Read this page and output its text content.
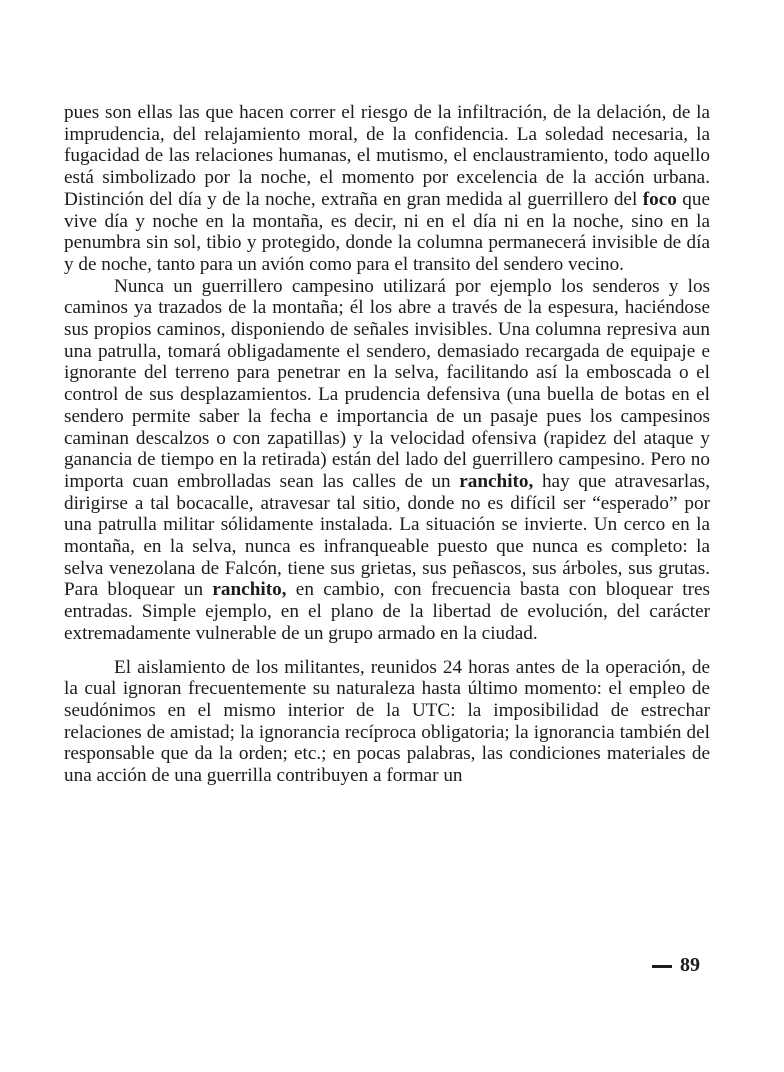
pues son ellas las que hacen correr el riesgo de la infiltración, de la delación, de la imprudencia, del relajamiento moral, de la confidencia. La soledad necesaria, la fugacidad de las relaciones humanas, el mutismo, el enclaustramiento, todo aquello está simbolizado por la noche, el momento por excelencia de la acción urbana. Distinción del día y de la noche, extraña en gran medida al guerrillero del foco que vive día y noche en la montaña, es decir, ni en el día ni en la noche, sino en la penumbra sin sol, tibio y protegido, donde la columna permanecerá invisible de día y de noche, tanto para un avión como para el transito del sendero vecino.

Nunca un guerrillero campesino utilizará por ejemplo los senderos y los caminos ya trazados de la montaña; él los abre a través de la espesura, haciéndose sus propios caminos, disponiendo de señales invisibles. Una columna represiva aun una patrulla, tomará obligadamente el sendero, demasiado recargada de equipaje e ignorante del terreno para penetrar en la selva, facilitando así la emboscada o el control de sus desplazamientos. La prudencia defensiva (una buella de botas en el sendero permite saber la fecha e importancia de un pasaje pues los campesinos caminan descalzos o con zapatillas) y la velocidad ofensiva (rapidez del ataque y ganancia de tiempo en la retirada) están del lado del guerrillero campesino. Pero no importa cuan embrolladas sean las calles de un ranchito, hay que atravesarlas, dirigirse a tal bocacalle, atravesar tal sitio, donde no es difícil ser “esperado” por una patrulla militar sólidamente instalada. La situación se invierte. Un cerco en la montaña, en la selva, nunca es infranqueable puesto que nunca es completo: la selva venezolana de Falcón, tiene sus grietas, sus peñascos, sus árboles, sus grutas. Para bloquear un ranchito, en cambio, con frecuencia basta con bloquear tres entradas. Simple ejemplo, en el plano de la libertad de evolución, del carácter extremadamente vulnerable de un grupo armado en la ciudad.

El aislamiento de los militantes, reunidos 24 horas antes de la operación, de la cual ignoran frecuentemente su naturaleza hasta último momento: el empleo de seudónimos en el mismo interior de la UTC: la imposibilidad de estrechar relaciones de amistad; la ignorancia recíproca obligatoria; la ignorancia también del responsable que da la orden; etc.; en pocas palabras, las condiciones materiales de una acción de una guerrilla contribuyen a formar un

89
